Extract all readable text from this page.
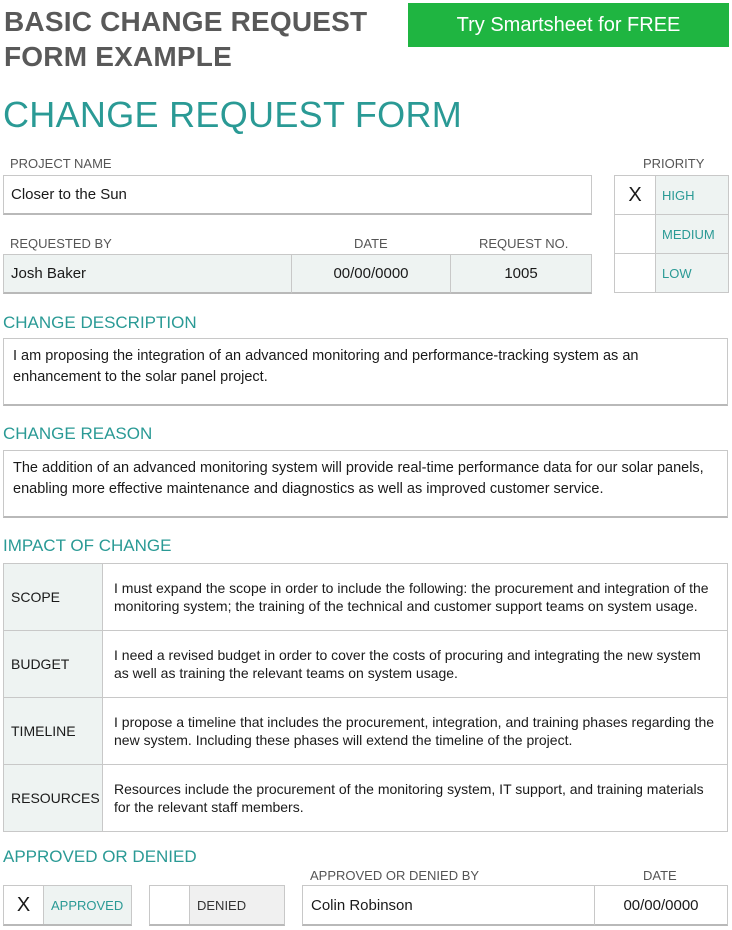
BASIC CHANGE REQUEST
FORM EXAMPLE
Try Smartsheet for FREE
CHANGE REQUEST FORM
PROJECT NAME
Closer to the Sun
REQUESTED BY	DATE	REQUEST NO.
Josh Baker	00/00/0000	1005
PRIORITY
X	HIGH
	MEDIUM
	LOW
CHANGE DESCRIPTION
I am proposing the integration of an advanced monitoring and performance-tracking system as an enhancement to the solar panel project.
CHANGE REASON
The addition of an advanced monitoring system will provide real-time performance data for our solar panels, enabling more effective maintenance and diagnostics as well as improved customer service.
IMPACT OF CHANGE
SCOPE	I must expand the scope in order to include the following: the procurement and integration of the monitoring system; the training of the technical and customer support teams on system usage.
BUDGET	I need a revised budget in order to cover the costs of procuring and integrating the new system as well as training the relevant teams on system usage.
TIMELINE	I propose a timeline that includes the procurement, integration, and training phases regarding the new system. Including these phases will extend the timeline of the project.
RESOURCES	Resources include the procurement of the monitoring system, IT support, and training materials for the relevant staff members.
APPROVED OR DENIED
X	APPROVED	DENIED
APPROVED OR DENIED BY	DATE
Colin Robinson	00/00/0000
